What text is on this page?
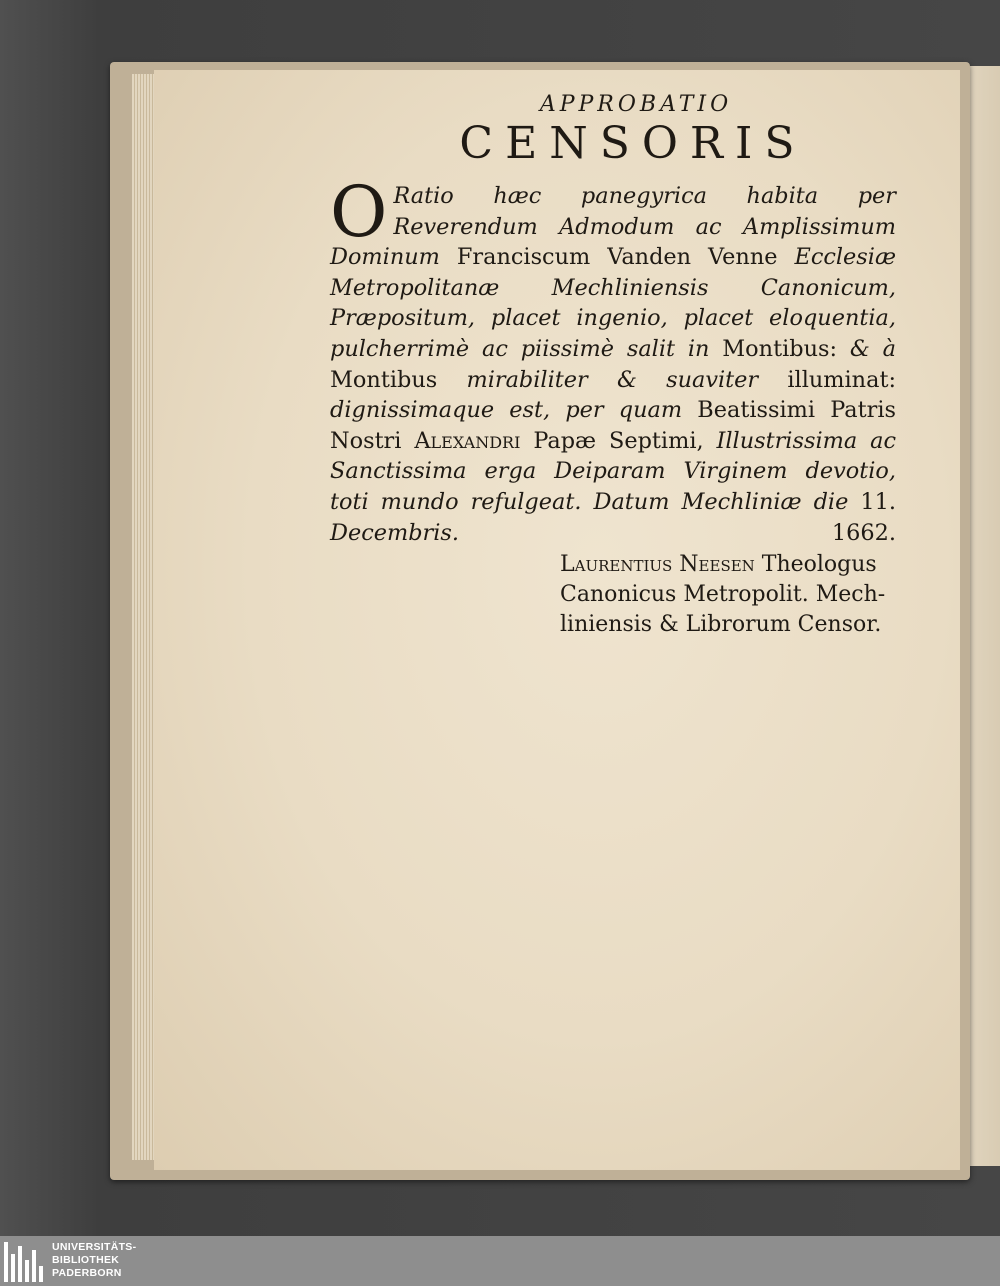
APPROBATIO
CENSORIS
O Ratio hæc panegyrica habita per Reverendum Admodum ac Amplissimum Dominum Franciscum Vanden Venne Ecclesiæ Metropolitanæ Mechliniensis Canonicum, Præpositum, placet ingenio, placet eloquentia, pulcherrimè ac piissimè salit in Montibus: & à Montibus mirabiliter & suaviter illuminat: dignissimaque est, per quam Beatissimi Patris Nostri Alexandri Papæ Septimi, Illustrissima ac Sanctissima erga Deiparam Virginem devotio, toti mundo refulgeat. Datum Mechliniæ die 11. Decembris. 1662.
Laurentius Neesen Theologus
Canonicus Metropolit. Mech-
liniensis & Librorum Censor.
UNIVERSITÄTS-
BIBLIOTHEK
PADERBORN
